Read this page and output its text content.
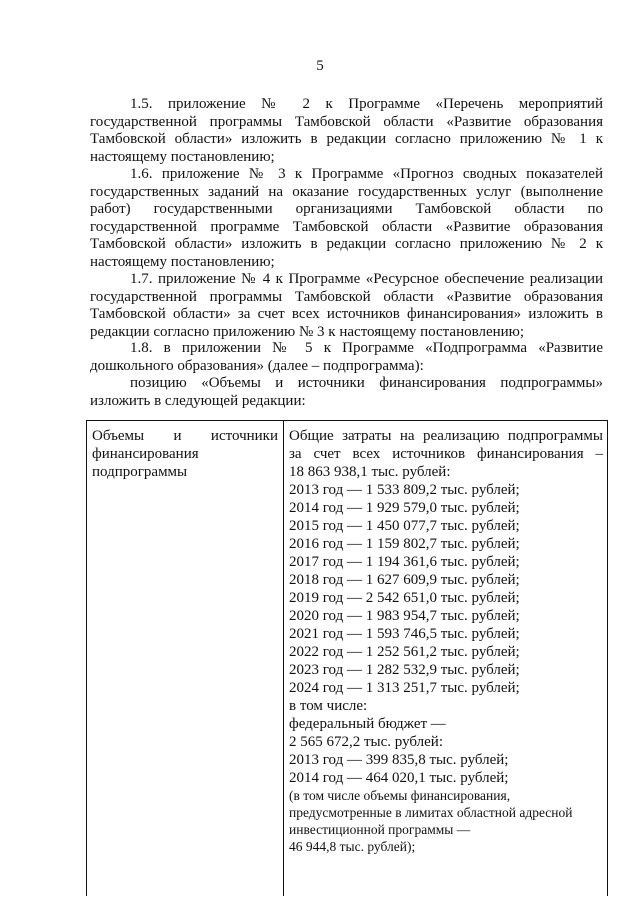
5
1.5. приложение № 2 к Программе «Перечень мероприятий государственной программы Тамбовской области «Развитие образования Тамбовской области» изложить в редакции согласно приложению № 1 к настоящему постановлению;
1.6. приложение № 3 к Программе «Прогноз сводных показателей государственных заданий на оказание государственных услуг (выполнение работ) государственными организациями Тамбовской области по государственной программе Тамбовской области «Развитие образования Тамбовской области» изложить в редакции согласно приложению № 2 к настоящему постановлению;
1.7. приложение № 4 к Программе «Ресурсное обеспечение реализации государственной программы Тамбовской области «Развитие образования Тамбовской области» за счет всех источников финансирования» изложить в редакции согласно приложению № 3 к настоящему постановлению;
1.8. в приложении № 5 к Программе «Подпрограмма «Развитие дошкольного образования» (далее – подпрограмма):
позицию «Объемы и источники финансирования подпрограммы» изложить в следующей редакции:
Объемы и источники
финансирования
подпрограммы
Общие затраты на реализацию подпрограммы
за счет всех источников финансирования –
18 863 938,1 тыс. рублей:
2013 год — 1 533 809,2 тыс. рублей;
2014 год — 1 929 579,0 тыс. рублей;
2015 год — 1 450 077,7 тыс. рублей;
2016 год — 1 159 802,7 тыс. рублей;
2017 год — 1 194 361,6 тыс. рублей;
2018 год — 1 627 609,9 тыс. рублей;
2019 год — 2 542 651,0 тыс. рублей;
2020 год — 1 983 954,7 тыс. рублей;
2021 год — 1 593 746,5 тыс. рублей;
2022 год — 1 252 561,2 тыс. рублей;
2023 год — 1 282 532,9 тыс. рублей;
2024 год — 1 313 251,7 тыс. рублей;
в том числе:
федеральный бюджет —
2 565 672,2 тыс. рублей:
2013 год — 399 835,8 тыс. рублей;
2014 год — 464 020,1 тыс. рублей;
(в том числе объемы финансирования,
предусмотренные в лимитах областной адресной
инвестиционной программы —
46 944,8 тыс. рублей);
